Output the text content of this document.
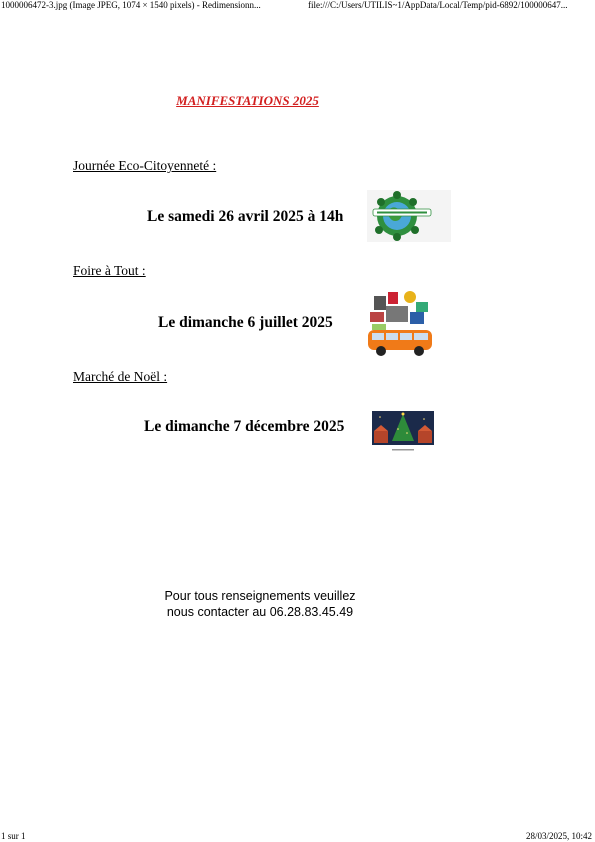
1000006472-3.jpg (Image JPEG, 1074 × 1540 pixels) - Redimensionn...	file:///C:/Users/UTILIS~1/AppData/Local/Temp/pid-6892/100000647...
MANIFESTATIONS 2025
Journée Eco-Citoyenneté :
Le samedi 26 avril 2025 à 14h
Foire à Tout :
Le dimanche 6 juillet 2025
Marché de Noël :
Le dimanche 7 décembre 2025
Pour tous renseignements veuillez
nous contacter au 06.28.83.45.49
1 sur 1	28/03/2025, 10:42
